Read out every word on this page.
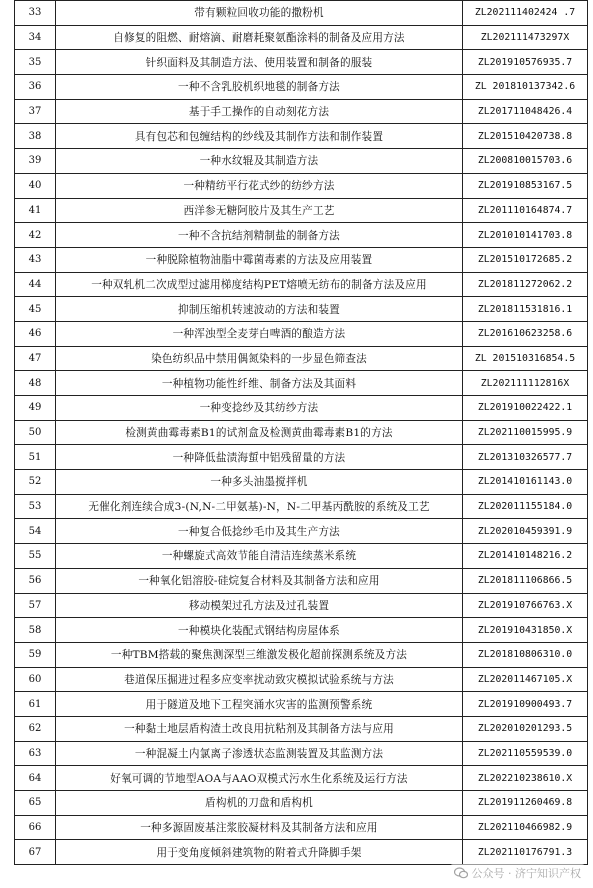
33	带有颗粒回收功能的撒粉机	ZL202111402424 .7
34	自修复的阻燃、耐熔滴、耐磨耗聚氨酯涂料的制备及应用方法	ZL202111473297X
35	针织面料及其制造方法、使用装置和制备的服装	ZL201910576935.7
36	一种不含乳胶机织地毯的制备方法	ZL 201810137342.6
37	基于手工操作的自动刻花方法	ZL201711048426.4
38	具有包芯和包缠结构的纱线及其制作方法和制作装置	ZL201510420738.8
39	一种水纹辊及其制造方法	ZL200810015703.6
40	一种精纺平行花式纱的纺纱方法	ZL201910853167.5
41	西洋参无糖阿胶片及其生产工艺	ZL201110164874.7
42	一种不含抗结剂精制盐的制备方法	ZL201010141703.8
43	一种脱除植物油脂中霉菌毒素的方法及应用装置	ZL201510172685.2
44	一种双轧机二次成型过滤用梯度结构PET熔喷无纺布的制备方法及应用	ZL201811272062.2
45	抑制压缩机转速波动的方法和装置	ZL201811531816.1
46	一种浑浊型全麦芽白啤酒的酿造方法	ZL201610623258.6
47	染色纺织品中禁用偶氮染料的一步显色筛查法	ZL 201510316854.5
48	一种植物功能性纤维、制备方法及其面料	ZL202111112816X
49	一种变捻纱及其纺纱方法	ZL201910022422.1
50	检测黄曲霉毒素B1的试剂盒及检测黄曲霉毒素B1的方法	ZL202110015995.9
51	一种降低盐渍海蜇中铝残留量的方法	ZL201310326577.7
52	一种多头油墨搅拌机	ZL201410161143.0
53	无催化剂连续合成3-(N,N-二甲氨基)-N，N-二甲基丙酰胺的系统及工艺	ZL202011155184.0
54	一种复合低捻纱毛巾及其生产方法	ZL202010459391.9
55	一种螺旋式高效节能自清洁连续蒸米系统	ZL201410148216.2
56	一种氧化铝溶胶-硅烷复合材料及其制备方法和应用	ZL201811106866.5
57	移动模架过孔方法及过孔装置	ZL201910766763.X
58	一种模块化装配式钢结构房屋体系	ZL201910431850.X
59	一种TBM搭载的聚焦测深型三维激发极化超前探测系统及方法	ZL201810806310.0
60	巷道保压掘进过程多应变率扰动致灾模拟试验系统与方法	ZL202011467105.X
61	用于隧道及地下工程突涌水灾害的监测预警系统	ZL201910900493.7
62	一种黏土地层盾构渣土改良用抗粘剂及其制备方法与应用	ZL202010201293.5
63	一种混凝土内氯离子渗透状态监测装置及其监测方法	ZL202110559539.0
64	好氧可调的节地型AOA与AAO双模式污水生化系统及运行方法	ZL202210238610.X
65	盾构机的刀盘和盾构机	ZL201911260469.8
66	一种多源固废基注浆胶凝材料及其制备方法和应用	ZL202110466982.9
67	用于变角度倾斜建筑物的附着式升降脚手架	ZL202110176791.3
公众号 · 济宁知识产权
